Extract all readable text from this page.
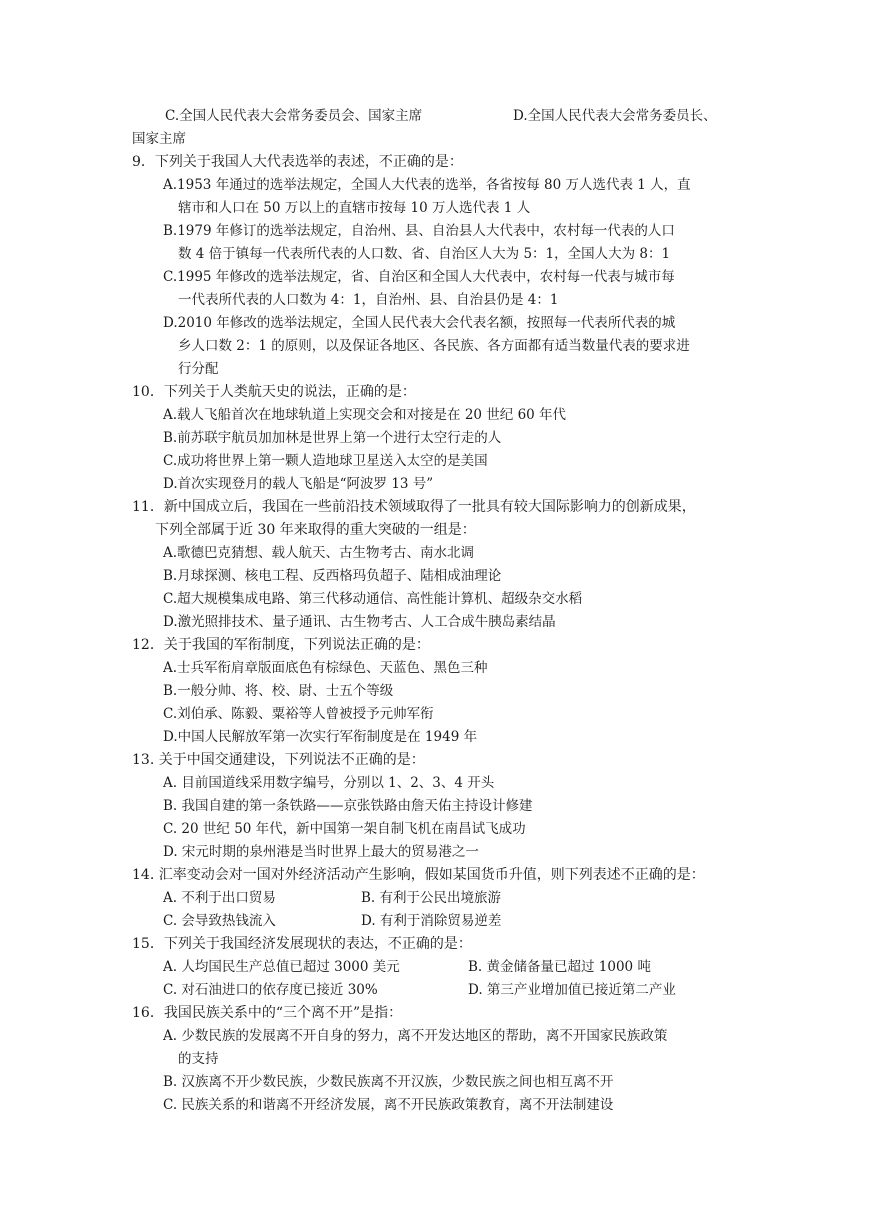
C.全国人民代表大会常务委员会、国家主席	D.全国人民代表大会常务委员长、
国家主席
9．下列关于我国人大代表选举的表述，不正确的是：
A.1953 年通过的选举法规定，全国人大代表的选举，各省按每 80 万人选代表 1 人，直
辖市和人口在 50 万以上的直辖市按每 10 万人选代表 1 人
B.1979 年修订的选举法规定，自治州、县、自治县人大代表中，农村每一代表的人口
数 4 倍于镇每一代表所代表的人口数、省、自治区人大为 5：1，全国人大为 8：1
C.1995 年修改的选举法规定，省、自治区和全国人大代表中，农村每一代表与城市每
一代表所代表的人口数为 4：1，自治州、县、自治县仍是 4：1
D.2010 年修改的选举法规定，全国人民代表大会代表名额，按照每一代表所代表的城
乡人口数 2：1 的原则，以及保证各地区、各民族、各方面都有适当数量代表的要求进
行分配
10．下列关于人类航天史的说法，正确的是：
A.载人飞船首次在地球轨道上实现交会和对接是在 20 世纪 60 年代
B.前苏联宇航员加加林是世界上第一个进行太空行走的人
C.成功将世界上第一颗人造地球卫星送入太空的是美国
D.首次实现登月的载人飞船是“阿波罗 13 号”
11．新中国成立后，我国在一些前沿技术领域取得了一批具有较大国际影响力的创新成果，
下列全部属于近 30 年来取得的重大突破的一组是：
A.歌德巴克猜想、载人航天、古生物考古、南水北调
B.月球探测、核电工程、反西格玛负超子、陆相成油理论
C.超大规模集成电路、第三代移动通信、高性能计算机、超级杂交水稻
D.激光照排技术、量子通讯、古生物考古、人工合成牛胰岛素结晶
12．关于我国的军衔制度，下列说法正确的是：
A.士兵军衔肩章版面底色有棕绿色、天蓝色、黑色三种
B.一般分帅、将、校、尉、士五个等级
C.刘伯承、陈毅、粟裕等人曾被授予元帅军衔
D.中国人民解放军第一次实行军衔制度是在 1949 年
13. 关于中国交通建设，下列说法不正确的是：
A. 目前国道线采用数字编号，分别以 1、2、3、4 开头
B. 我国自建的第一条铁路——京张铁路由詹天佑主持设计修建
C. 20 世纪 50 年代，新中国第一架自制飞机在南昌试飞成功
D. 宋元时期的泉州港是当时世界上最大的贸易港之一
14. 汇率变动会对一国对外经济活动产生影响，假如某国货币升值，则下列表述不正确的是：
A. 不利于出口贸易	B. 有利于公民出境旅游
C. 会导致热钱流入	D. 有利于消除贸易逆差
15．下列关于我国经济发展现状的表达，不正确的是：
A. 人均国民生产总值已超过 3000 美元	B. 黄金储备量已超过 1000 吨
C. 对石油进口的依存度已接近 30%	D. 第三产业增加值已接近第二产业
16．我国民族关系中的“三个离不开”是指：
A. 少数民族的发展离不开自身的努力，离不开发达地区的帮助，离不开国家民族政策
的支持
B. 汉族离不开少数民族，少数民族离不开汉族，少数民族之间也相互离不开
C. 民族关系的和谐离不开经济发展，离不开民族政策教育，离不开法制建设
